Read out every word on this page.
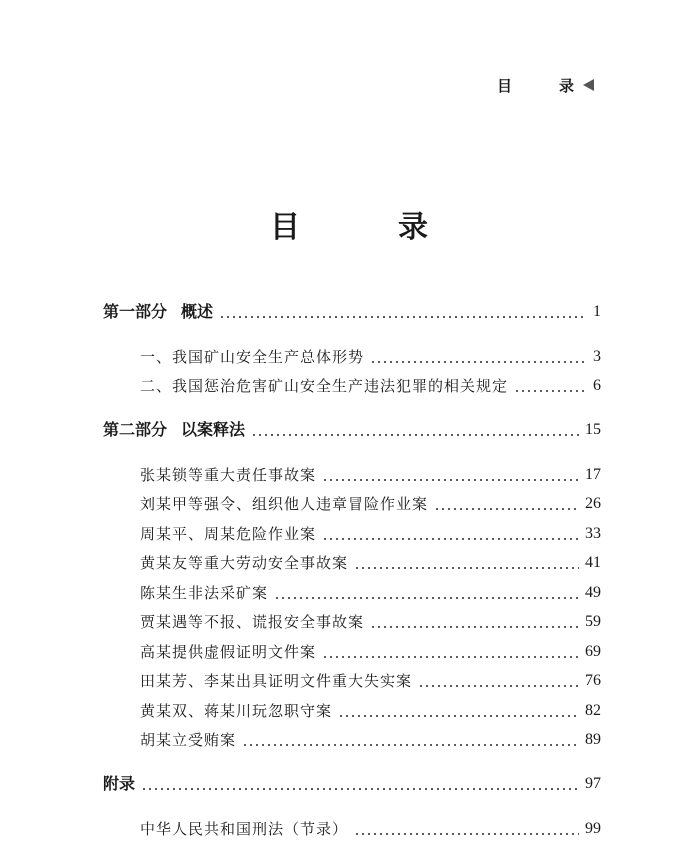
目	录
目	录
第一部分 概述	1
一、我国矿山安全生产总体形势	3
二、我国惩治危害矿山安全生产违法犯罪的相关规定	6
第二部分 以案释法	15
张某锁等重大责任事故案	17
刘某甲等强令、组织他人违章冒险作业案	26
周某平、周某危险作业案	33
黄某友等重大劳动安全事故案	41
陈某生非法采矿案	49
贾某遇等不报、谎报安全事故案	59
高某提供虚假证明文件案	69
田某芳、李某出具证明文件重大失实案	76
黄某双、蒋某川玩忽职守案	82
胡某立受贿案	89
附录	97
中华人民共和国刑法（节录）	99
